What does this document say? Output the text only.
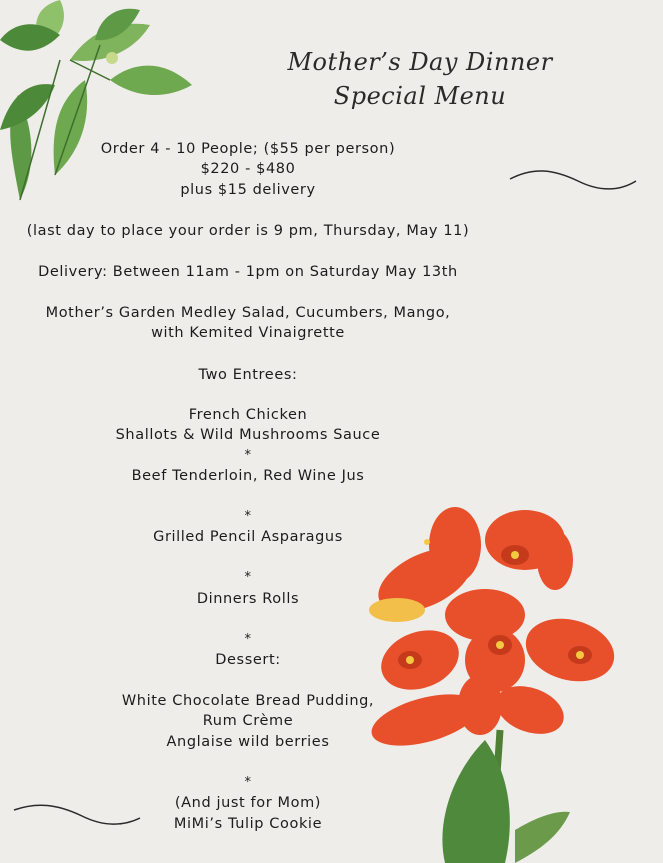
Mother’s Day Dinner
Special Menu
Order 4 - 10 People; ($55 per person)
$220 - $480
plus $15 delivery
(last day to place your order is 9 pm, Thursday, May 11)
Delivery: Between 11am - 1pm on Saturday May 13th
Mother’s Garden Medley Salad, Cucumbers, Mango,
with Kemited Vinaigrette
Two Entrees:
French Chicken
Shallots & Wild Mushrooms Sauce
*
Beef Tenderloin, Red Wine Jus
*
Grilled Pencil Asparagus
*
Dinners Rolls
*
Dessert:
White Chocolate Bread Pudding,
Rum Crème
Anglaise wild berries
*
(And just for Mom)
MiMi’s Tulip Cookie
